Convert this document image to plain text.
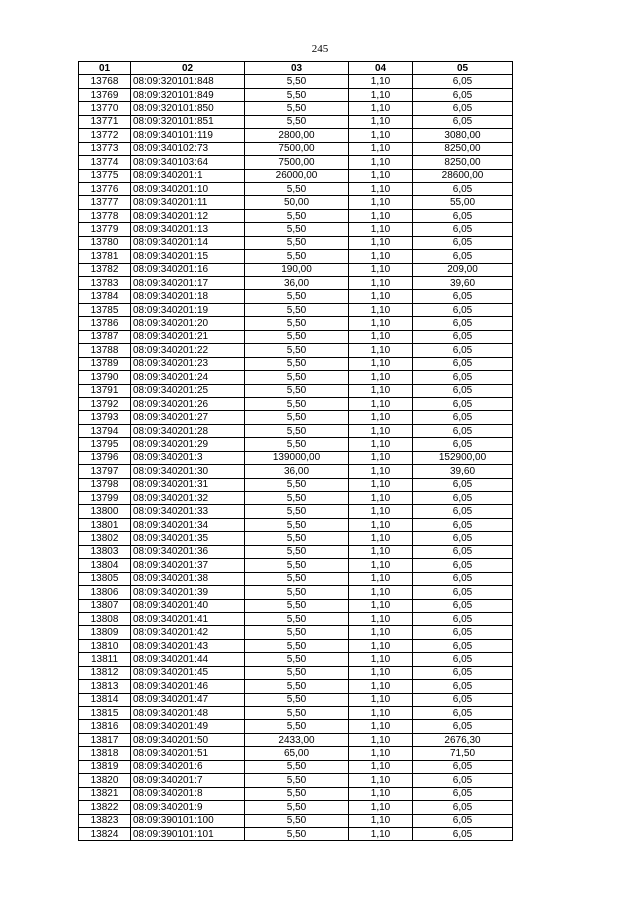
245
01	02	03	04	05
13768	08:09:320101:848	5,50	1,10	6,05
13769	08:09:320101:849	5,50	1,10	6,05
13770	08:09:320101:850	5,50	1,10	6,05
13771	08:09:320101:851	5,50	1,10	6,05
13772	08:09:340101:119	2800,00	1,10	3080,00
13773	08:09:340102:73	7500,00	1,10	8250,00
13774	08:09:340103:64	7500,00	1,10	8250,00
13775	08:09:340201:1	26000,00	1,10	28600,00
13776	08:09:340201:10	5,50	1,10	6,05
13777	08:09:340201:11	50,00	1,10	55,00
13778	08:09:340201:12	5,50	1,10	6,05
13779	08:09:340201:13	5,50	1,10	6,05
13780	08:09:340201:14	5,50	1,10	6,05
13781	08:09:340201:15	5,50	1,10	6,05
13782	08:09:340201:16	190,00	1,10	209,00
13783	08:09:340201:17	36,00	1,10	39,60
13784	08:09:340201:18	5,50	1,10	6,05
13785	08:09:340201:19	5,50	1,10	6,05
13786	08:09:340201:20	5,50	1,10	6,05
13787	08:09:340201:21	5,50	1,10	6,05
13788	08:09:340201:22	5,50	1,10	6,05
13789	08:09:340201:23	5,50	1,10	6,05
13790	08:09:340201:24	5,50	1,10	6,05
13791	08:09:340201:25	5,50	1,10	6,05
13792	08:09:340201:26	5,50	1,10	6,05
13793	08:09:340201:27	5,50	1,10	6,05
13794	08:09:340201:28	5,50	1,10	6,05
13795	08:09:340201:29	5,50	1,10	6,05
13796	08:09:340201:3	139000,00	1,10	152900,00
13797	08:09:340201:30	36,00	1,10	39,60
13798	08:09:340201:31	5,50	1,10	6,05
13799	08:09:340201:32	5,50	1,10	6,05
13800	08:09:340201:33	5,50	1,10	6,05
13801	08:09:340201:34	5,50	1,10	6,05
13802	08:09:340201:35	5,50	1,10	6,05
13803	08:09:340201:36	5,50	1,10	6,05
13804	08:09:340201:37	5,50	1,10	6,05
13805	08:09:340201:38	5,50	1,10	6,05
13806	08:09:340201:39	5,50	1,10	6,05
13807	08:09:340201:40	5,50	1,10	6,05
13808	08:09:340201:41	5,50	1,10	6,05
13809	08:09:340201:42	5,50	1,10	6,05
13810	08:09:340201:43	5,50	1,10	6,05
13811	08:09:340201:44	5,50	1,10	6,05
13812	08:09:340201:45	5,50	1,10	6,05
13813	08:09:340201:46	5,50	1,10	6,05
13814	08:09:340201:47	5,50	1,10	6,05
13815	08:09:340201:48	5,50	1,10	6,05
13816	08:09:340201:49	5,50	1,10	6,05
13817	08:09:340201:50	2433,00	1,10	2676,30
13818	08:09:340201:51	65,00	1,10	71,50
13819	08:09:340201:6	5,50	1,10	6,05
13820	08:09:340201:7	5,50	1,10	6,05
13821	08:09:340201:8	5,50	1,10	6,05
13822	08:09:340201:9	5,50	1,10	6,05
13823	08:09:390101:100	5,50	1,10	6,05
13824	08:09:390101:101	5,50	1,10	6,05
